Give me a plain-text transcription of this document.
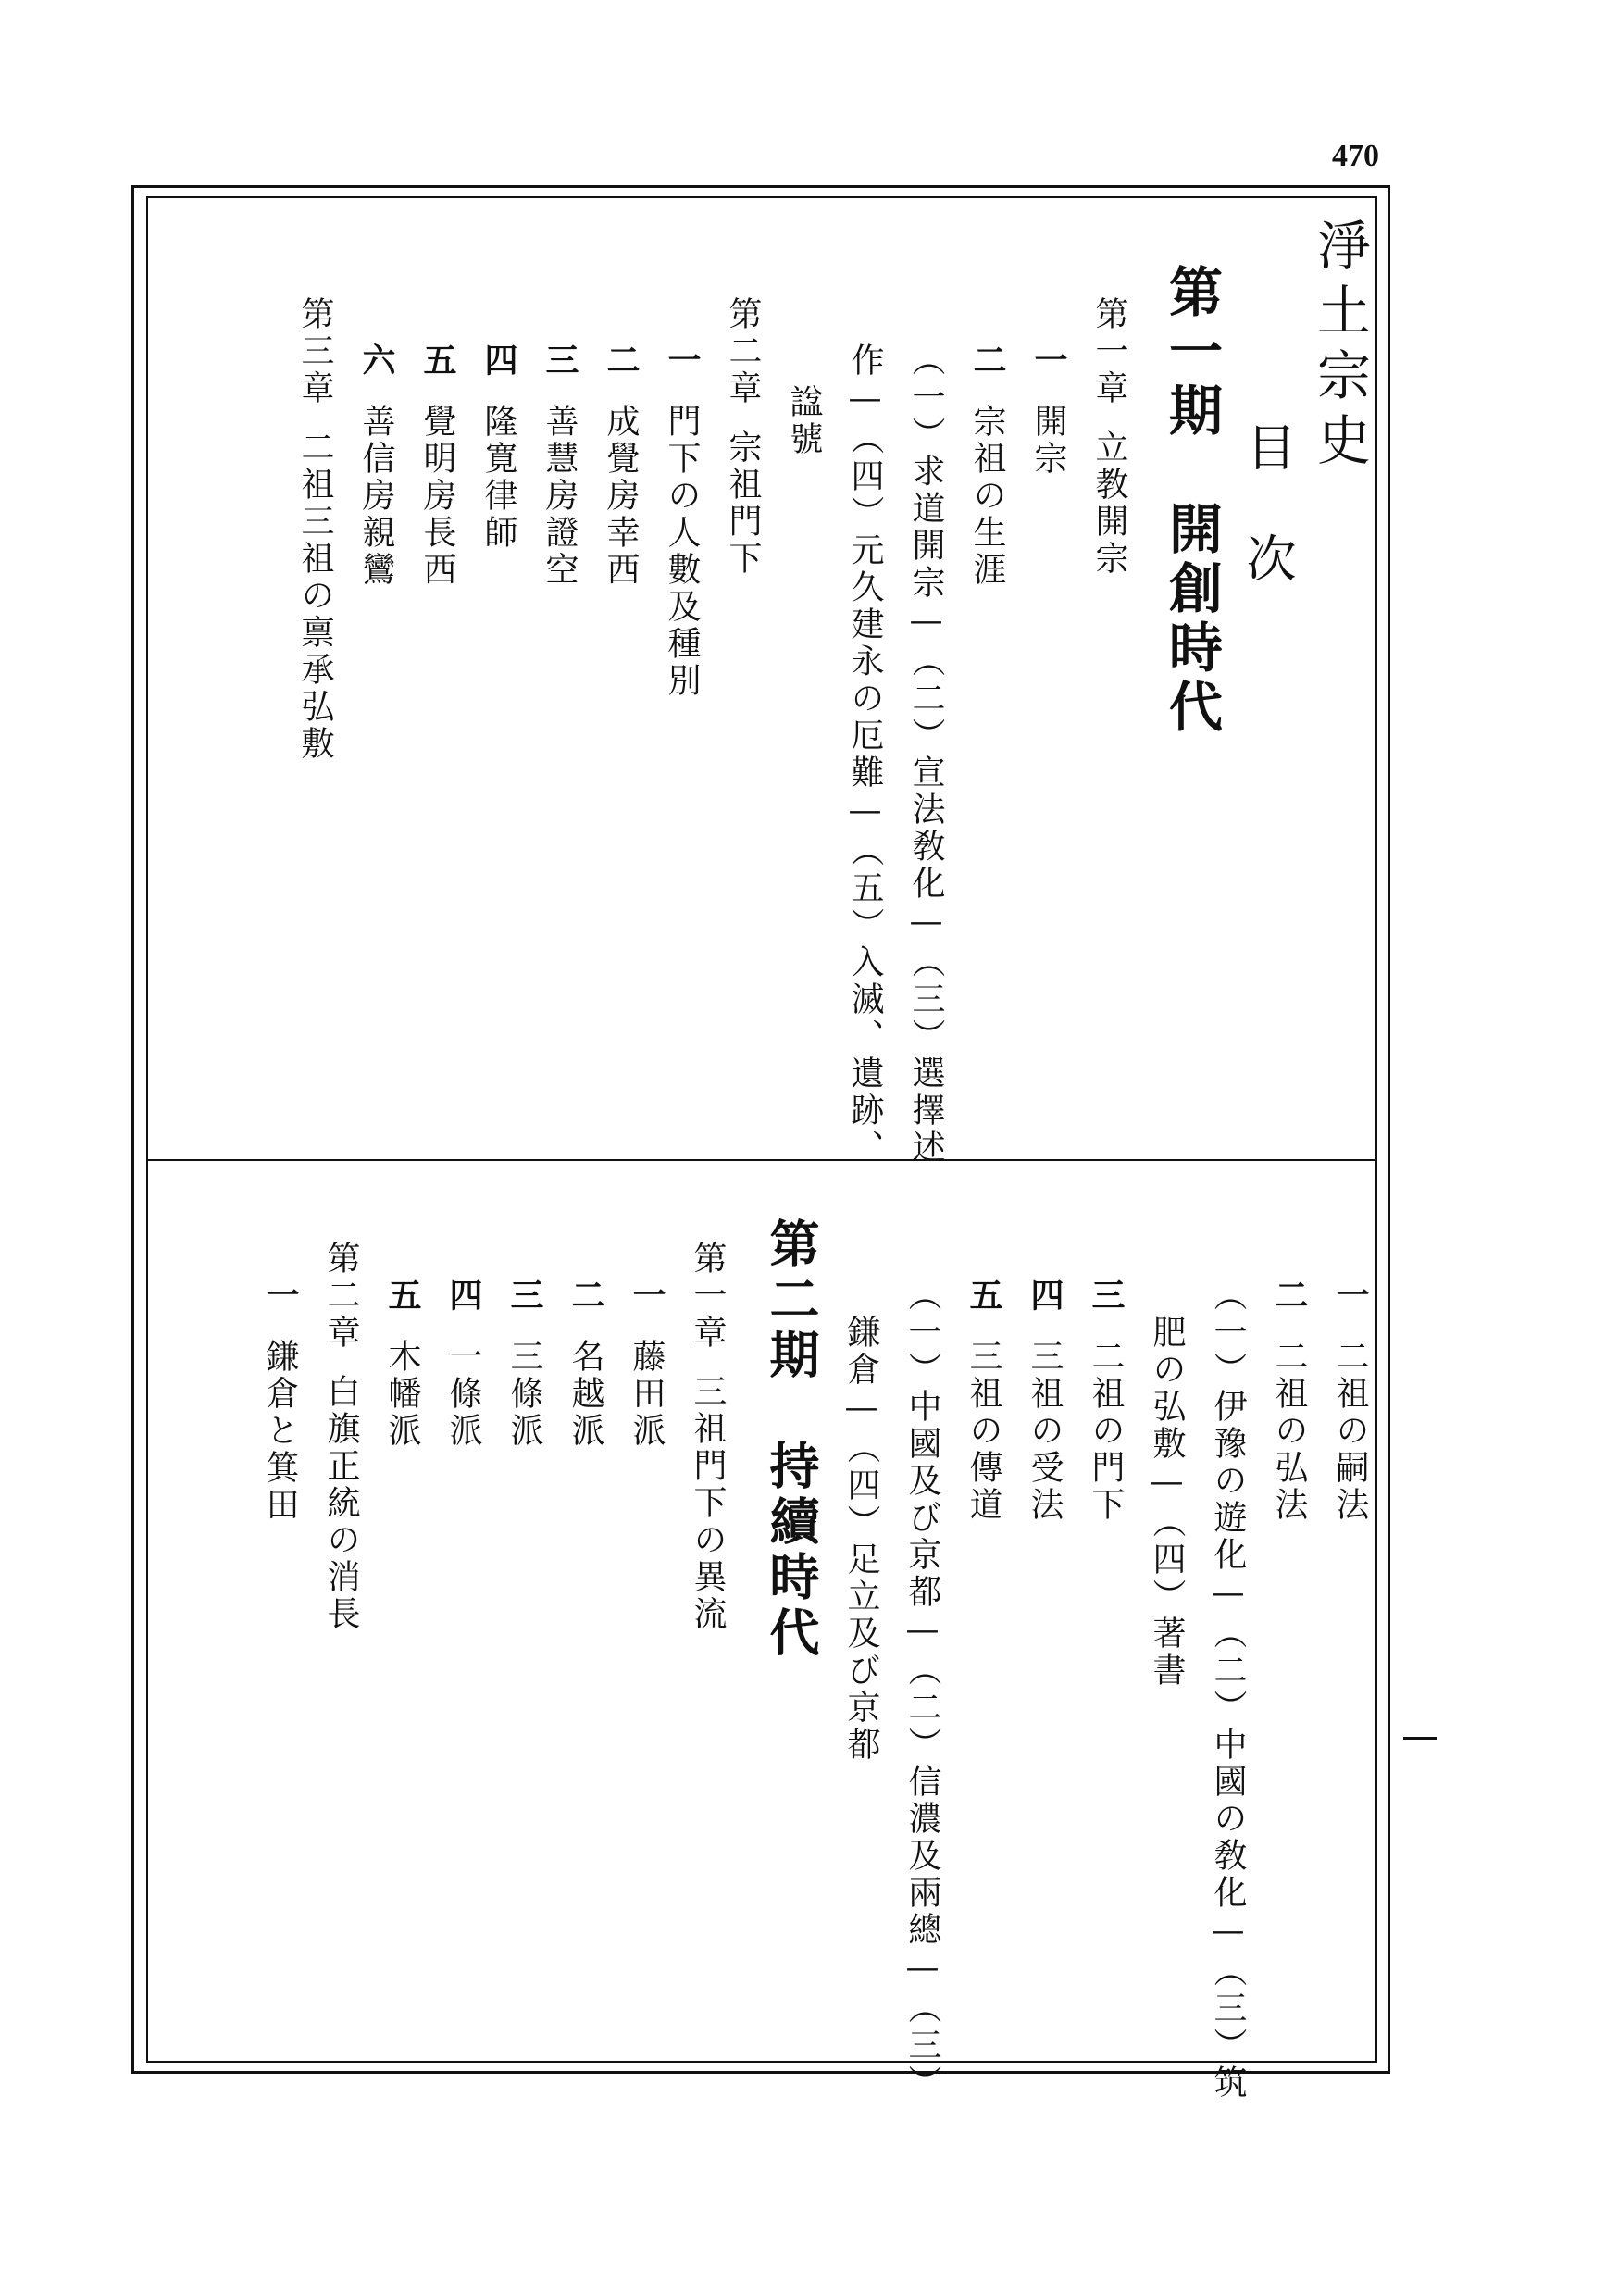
470
淨土宗史
目　次
第一期　開創時代
第一章立教開宗
一開宗
二宗祖の生涯
（一）求道開宗—（二）宣法敎化—（三）選擇述
作—（四）元久建永の厄難—（五）入滅、遺跡、
諡號
第二章宗祖門下
一門下の人數及種別
二成覺房幸西
三善慧房證空
四隆寛律師
五覺明房長西
六善信房親鸞
第三章二祖三祖の禀承弘敷
一二祖の嗣法
二二祖の弘法
（一）伊豫の遊化—（二）中國の敎化—（三）筑
肥の弘敷—（四）著書
三二祖の門下
四三祖の受法
五三祖の傳道
（一）中國及び京都—（二）信濃及兩總—（三）
鎌倉—（四）足立及び京都
第二期　持續時代
第一章三祖門下の異流
一藤田派
二名越派
三三條派
四一條派
五木幡派
第二章白旗正統の消長
一鎌倉と箕田
